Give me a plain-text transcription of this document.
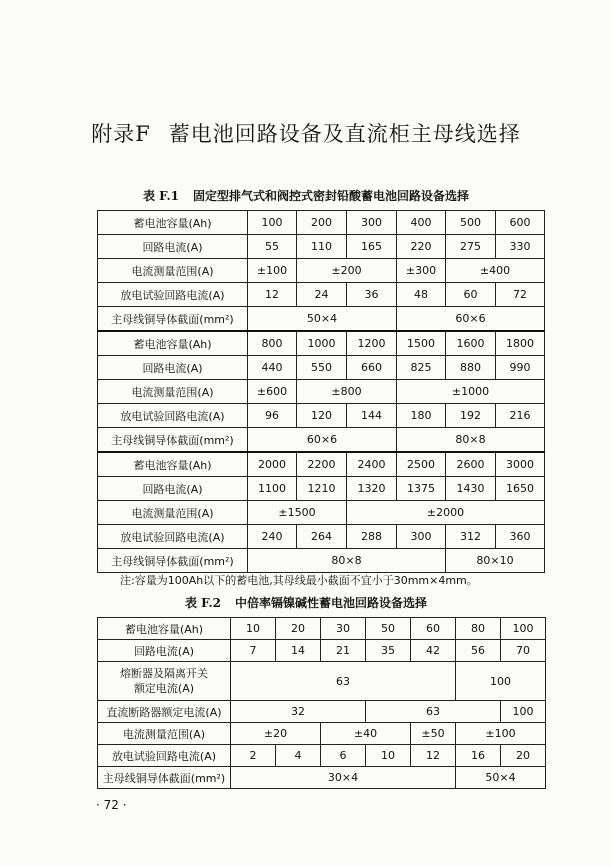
附录F 蓄电池回路设备及直流柜主母线选择
表 F.1 固定型排气式和阀控式密封铅酸蓄电池回路设备选择
蓄电池容量(Ah)	100	200	300	400	500	600
回路电流(A)	55	110	165	220	275	330
电流测量范围(A)	±100	±200		±300	±400	
放电试验回路电流(A)	12	24	36	48	60	72
主母线铜导体截面(mm²)	50×4			60×6		
蓄电池容量(Ah)	800	1000	1200	1500	1600	1800
回路电流(A)	440	550	660	825	880	990
电流测量范围(A)	±600	±800		±1000		
放电试验回路电流(A)	96	120	144	180	192	216
主母线铜导体截面(mm²)	60×6			80×8		
蓄电池容量(Ah)	2000	2200	2400	2500	2600	3000
回路电流(A)	1100	1210	1320	1375	1430	1650
电流测量范围(A)	±1500		±2000			
放电试验回路电流(A)	240	264	288	300	312	360
主母线铜导体截面(mm²)	80×8				80×10	
注:容量为100Ah以下的蓄电池,其母线最小截面不宜小于30mm×4mm。
表 F.2 中倍率镉镍碱性蓄电池回路设备选择
蓄电池容量(Ah)	10	20	30	50	60	80	100
回路电流(A)	7	14	21	35	42	56	70

熔断器及隔离开关
额定电流(A)	63					100	
直流断路器额定电流(A)	32			63			100
电流测量范围(A)	±20		±40		±50	±100	
放电试验回路电流(A)	2	4	6	10	12	16	20
主母线铜导体截面(mm²)	30×4					50×4	
· 72 ·
